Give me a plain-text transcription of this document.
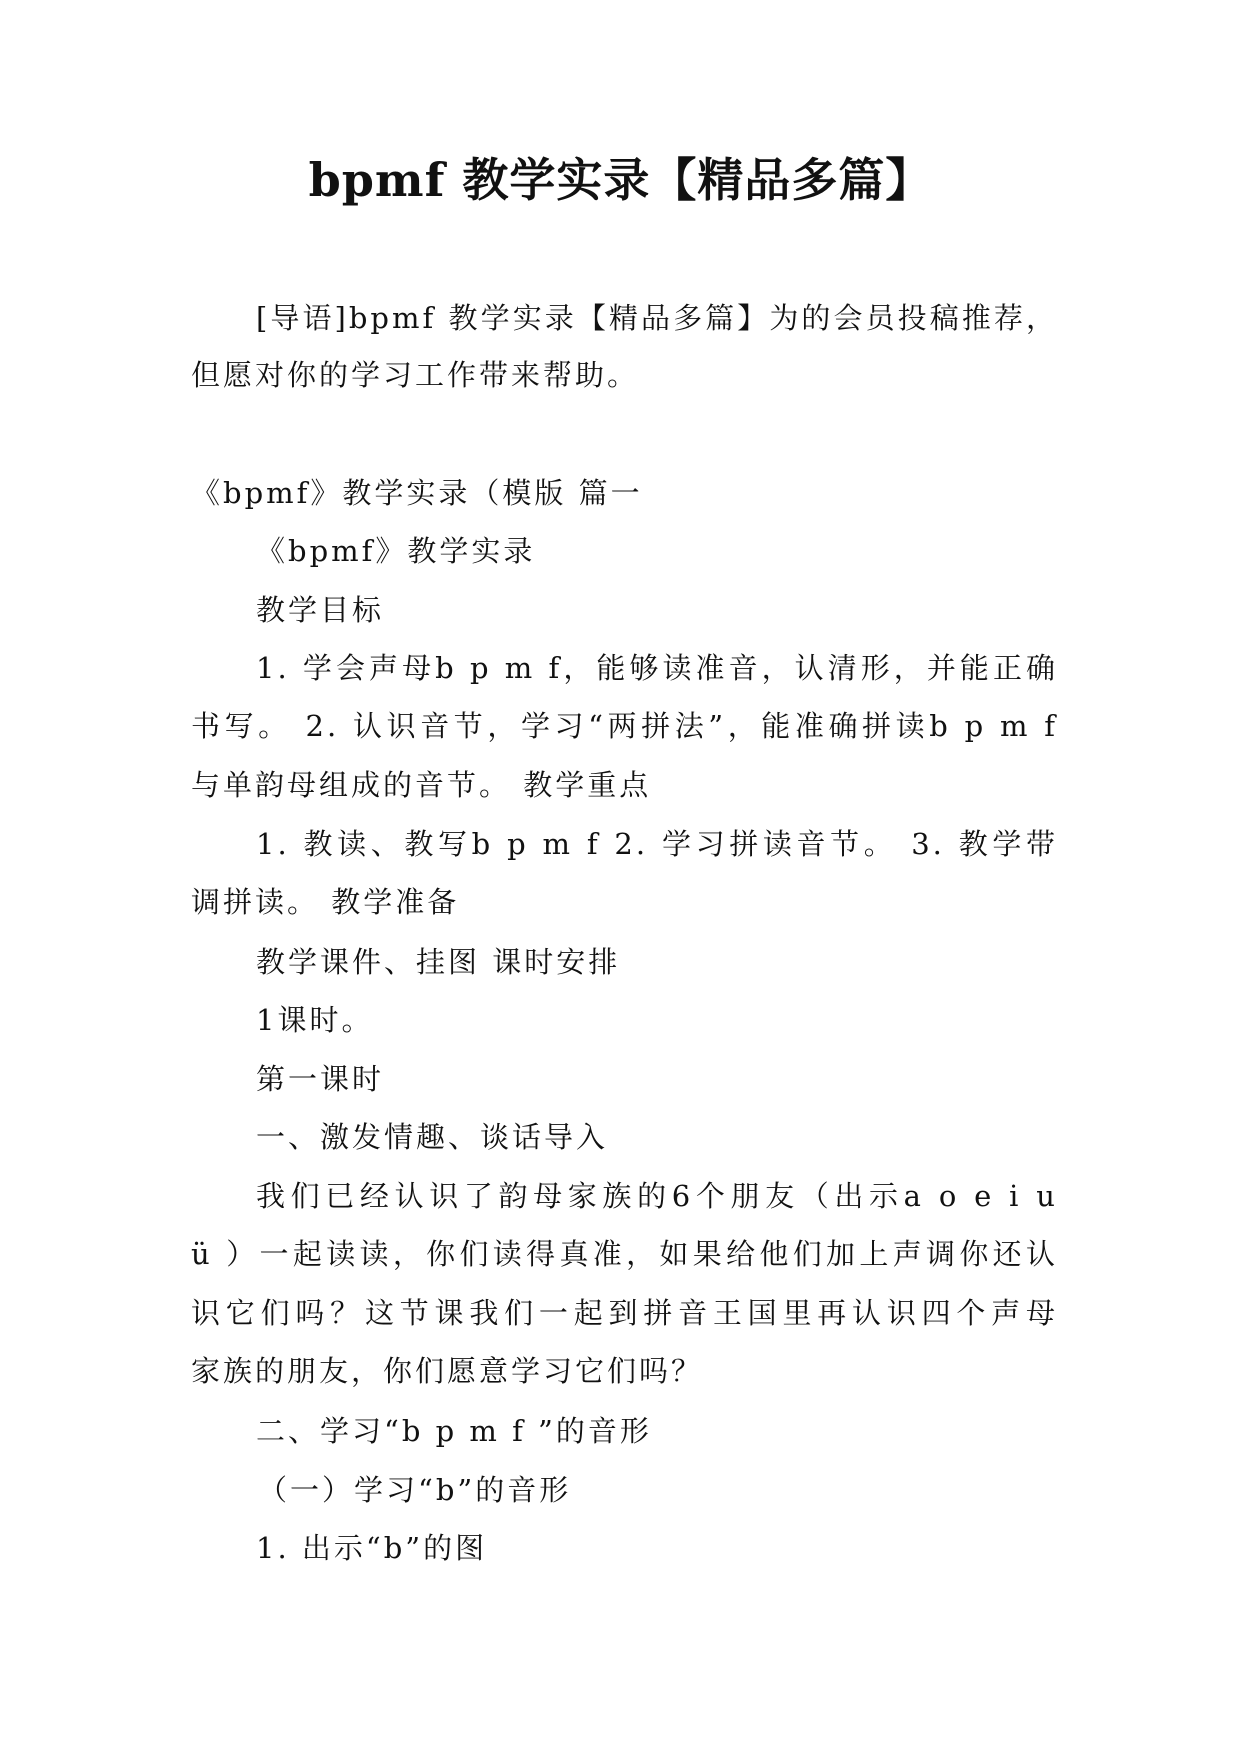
bpmf 教学实录【精品多篇】
[导语]bpmf 教学实录【精品多篇】为的会员投稿推荐，
但愿对你的学习工作带来帮助。
《bpmf》教学实录（模版 篇一
《bpmf》教学实录
教学目标
1. 学会声母b p m f，能够读准音，认清形，并能正确
书写。 2. 认识音节，学习“两拼法”，能准确拼读b p m f
与单韵母组成的音节。 教学重点
1. 教读、教写b p m f 2. 学习拼读音节。 3. 教学带
调拼读。 教学准备
教学课件、挂图 课时安排
1课时。
第一课时
一、激发情趣、谈话导入
我们已经认识了韵母家族的6个朋友（出示a o e i u
ü ）一起读读，你们读得真准，如果给他们加上声调你还认
识它们吗？这节课我们一起到拼音王国里再认识四个声母
家族的朋友，你们愿意学习它们吗？
二、学习“b p m f ”的音形
（一）学习“b”的音形
1. 出示“b”的图
